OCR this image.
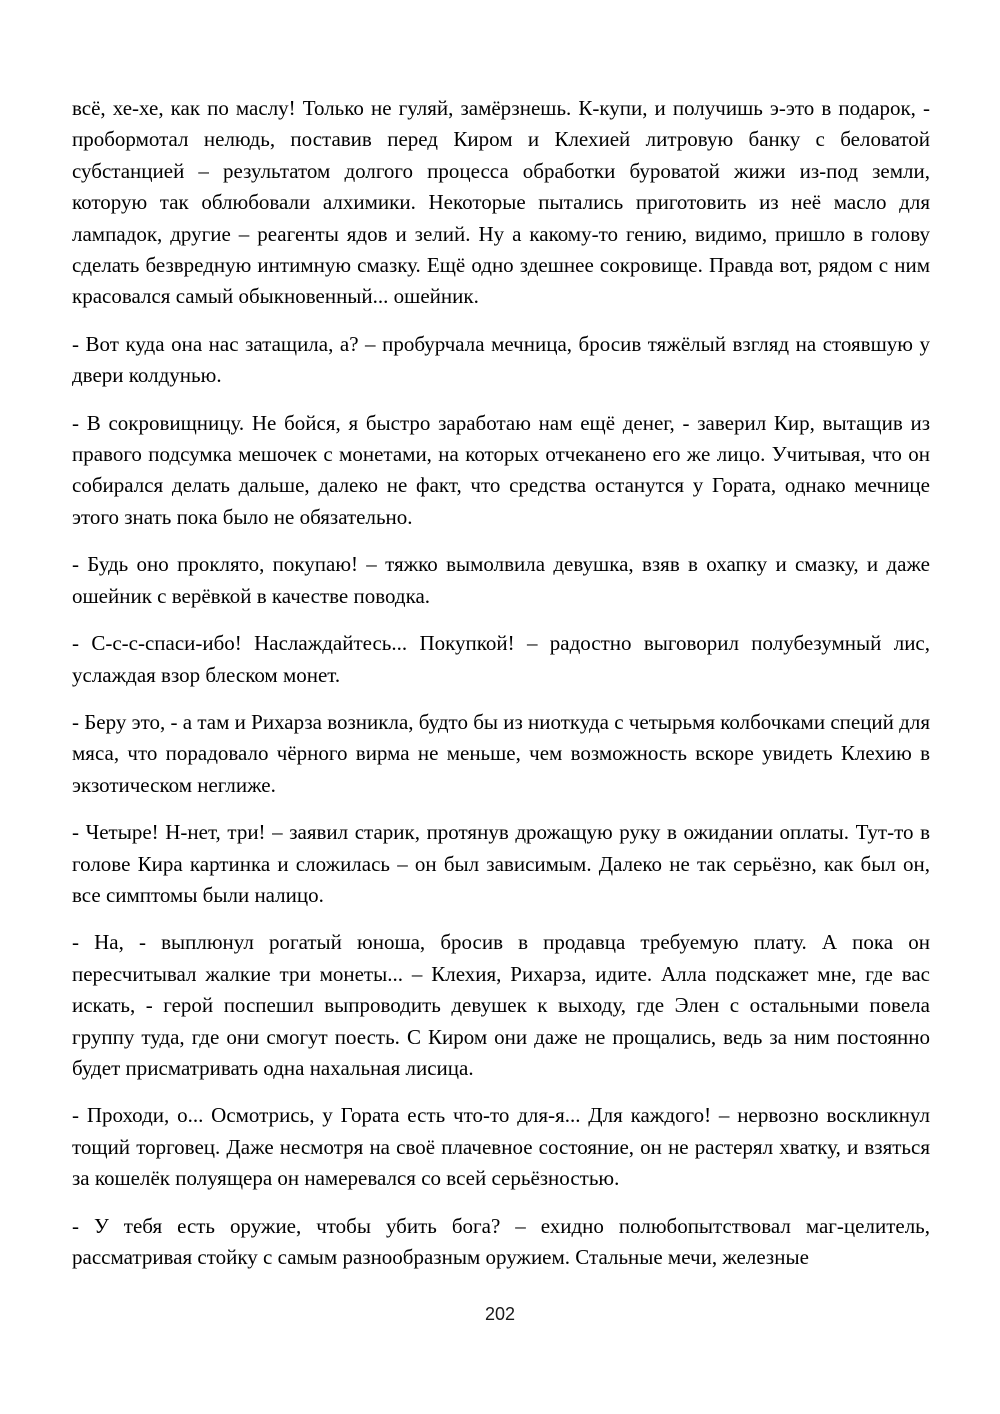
всё, хе-хе, как по маслу! Только не гуляй, замёрзнешь. К-купи, и получишь э-это в подарок, - пробормотал нелюдь, поставив перед Киром и Клехией литровую банку с беловатой субстанцией – результатом долгого процесса обработки буроватой жижи из-под земли, которую так облюбовали алхимики. Некоторые пытались приготовить из неё масло для лампадок, другие – реагенты ядов и зелий. Ну а какому-то гению, видимо, пришло в голову сделать безвредную интимную смазку. Ещё одно здешнее сокровище. Правда вот, рядом с ним красовался самый обыкновенный... ошейник.

- Вот куда она нас затащила, а? – пробурчала мечница, бросив тяжёлый взгляд на стоявшую у двери колдунью.

- В сокровищницу. Не бойся, я быстро заработаю нам ещё денег, - заверил Кир, вытащив из правого подсумка мешочек с монетами, на которых отчеканено его же лицо. Учитывая, что он собирался делать дальше, далеко не факт, что средства останутся у Гората, однако мечнице этого знать пока было не обязательно.

- Будь оно проклято, покупаю! – тяжко вымолвила девушка, взяв в охапку и смазку, и даже ошейник с верёвкой в качестве поводка.

- С-с-с-спаси-ибо! Наслаждайтесь... Покупкой! – радостно выговорил полубезумный лис, услаждая взор блеском монет.

- Беру это, - а там и Рихарза возникла, будто бы из ниоткуда с четырьмя колбочками специй для мяса, что порадовало чёрного вирма не меньше, чем возможность вскоре увидеть Клехию в экзотическом неглиже.

- Четыре! Н-нет, три! – заявил старик, протянув дрожащую руку в ожидании оплаты. Тут-то в голове Кира картинка и сложилась – он был зависимым. Далеко не так серьёзно, как был он, все симптомы были налицо.

- На, - выплюнул рогатый юноша, бросив в продавца требуемую плату. А пока он пересчитывал жалкие три монеты... – Клехия, Рихарза, идите. Алла подскажет мне, где вас искать, - герой поспешил выпроводить девушек к выходу, где Элен с остальными повела группу туда, где они смогут поесть. С Киром они даже не прощались, ведь за ним постоянно будет присматривать одна нахальная лисица.

- Проходи, о... Осмотрись, у Гората есть что-то для-я... Для каждого! – нервозно воскликнул тощий торговец. Даже несмотря на своё плачевное состояние, он не растерял хватку, и взяться за кошелёк полуящера он намеревался со всей серьёзностью.

- У тебя есть оружие, чтобы убить бога? – ехидно полюбопытствовал маг-целитель, рассматривая стойку с самым разнообразным оружием. Стальные мечи, железные

202
